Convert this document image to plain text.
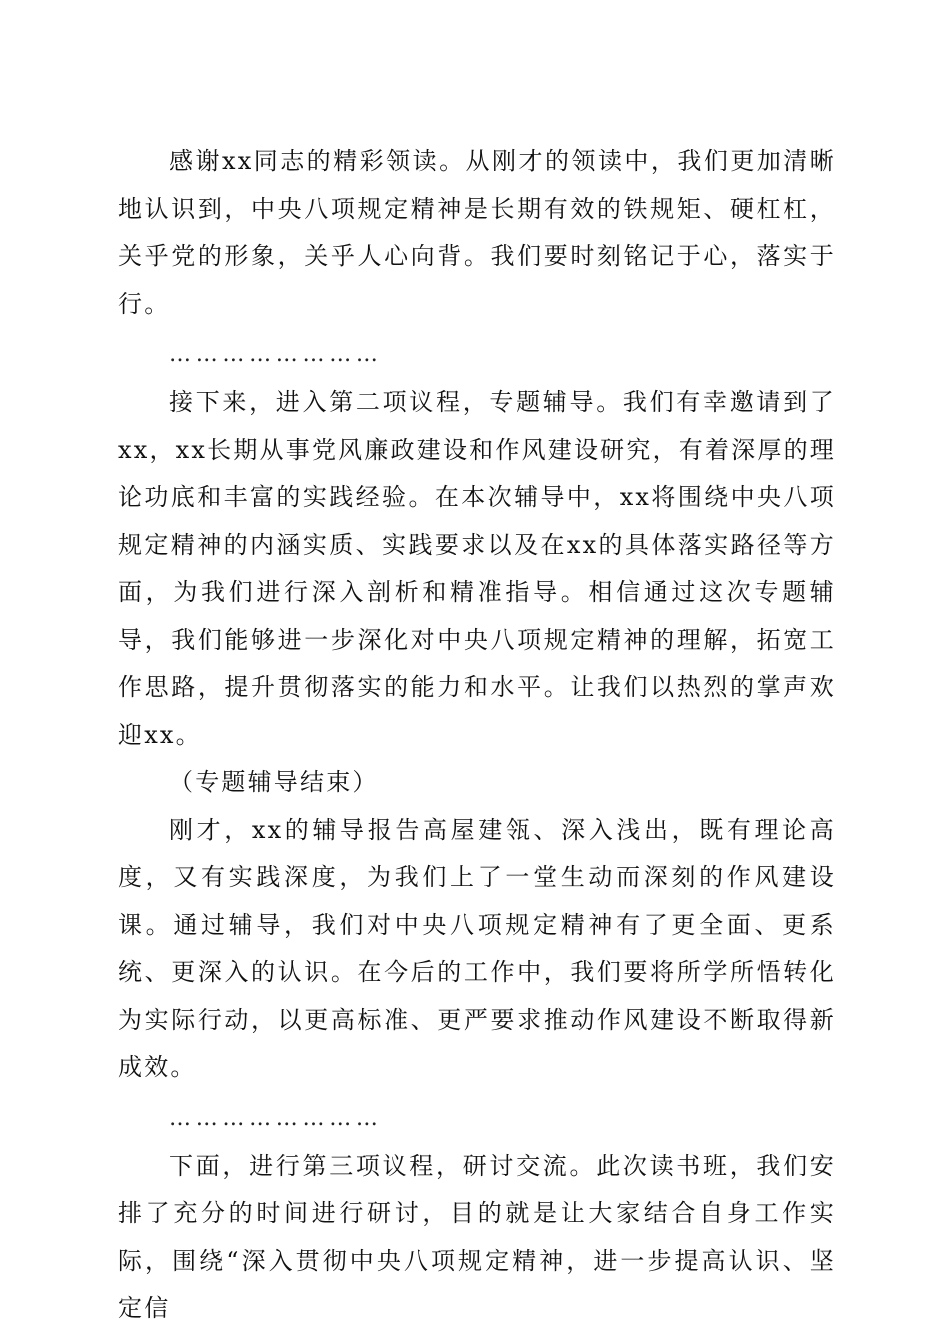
感谢xx同志的精彩领读。从刚才的领读中，我们更加清晰地认识到，中央八项规定精神是长期有效的铁规矩、硬杠杠，关乎党的形象，关乎人心向背。我们要时刻铭记于心，落实于行。

……………………

接下来，进入第二项议程，专题辅导。我们有幸邀请到了xx，xx长期从事党风廉政建设和作风建设研究，有着深厚的理论功底和丰富的实践经验。在本次辅导中，xx将围绕中央八项规定精神的内涵实质、实践要求以及在xx的具体落实路径等方面，为我们进行深入剖析和精准指导。相信通过这次专题辅导，我们能够进一步深化对中央八项规定精神的理解，拓宽工作思路，提升贯彻落实的能力和水平。让我们以热烈的掌声欢迎xx。

（专题辅导结束）

刚才，xx的辅导报告高屋建瓴、深入浅出，既有理论高度，又有实践深度，为我们上了一堂生动而深刻的作风建设课。通过辅导，我们对中央八项规定精神有了更全面、更系统、更深入的认识。在今后的工作中，我们要将所学所悟转化为实际行动，以更高标准、更严要求推动作风建设不断取得新成效。

……………………

下面，进行第三项议程，研讨交流。此次读书班，我们安排了充分的时间进行研讨，目的就是让大家结合自身工作实际，围绕“深入贯彻中央八项规定精神，进一步提高认识、坚定信
